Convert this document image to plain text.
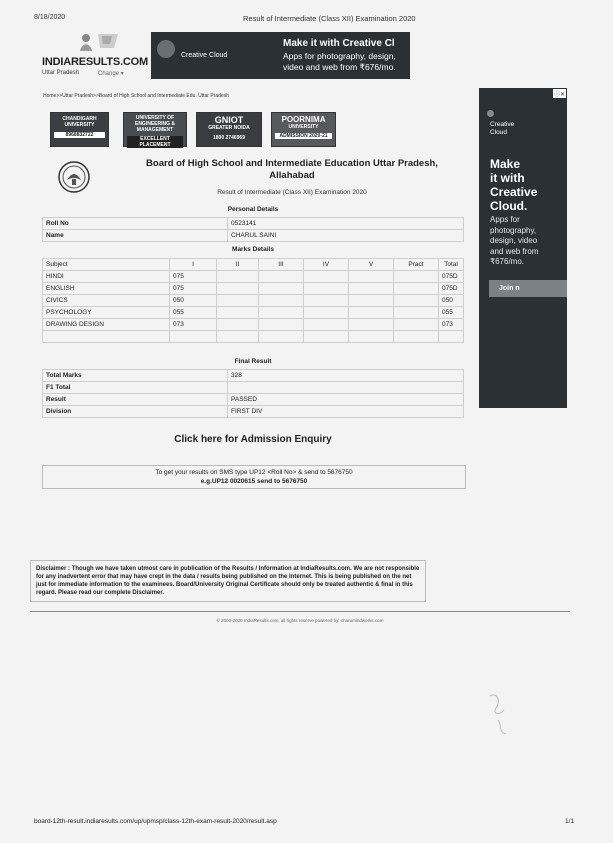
8/18/2020	Result of Intermediate (Class XII) Examination 2020
INDIARESULTS.COM
Uttar Pradesh	Change ▾
Creative Cloud
Make it with Creative Cl
Apps for photography, design,
video and web from ₹676/mo.
Home>>Uttar Pradesh>>Board of High School and Intermediate Edu. Uttar Pradesh
CHANDIGARH
UNIVERSITY
8968832722
UNIVERSITY OF
ENGINEERING & MANAGEMENT
EXCELLENT PLACEMENT
GNIOT
GREATER NOIDA
1800 2746969
POORNIMA
UNIVERSITY
ADMISSION 2020-21
Board of High School and Intermediate Education Uttar Pradesh,
Allahabad
Result of Intermediate (Class XII) Examination 2020
Personal Details
Roll No	0523141
Name	CHARUL SAINI
Marks Details
Subject	I	II	III	IV	V	Pract	Total
HINDI	075						075D
ENGLISH	075						075D
CIVICS	050						050
PSYCHOLOGY	055						055
DRAWING DESIGN	073						073

Final Result
Total Marks	328
F1 Total	
Result	PASSED
Division	FIRST DIV
Click here for Admission Enquiry
To get your results on SMS type UP12 <Roll No> & send to 5676750
e.g.UP12 0020615 send to 5676750
Disclaimer : Though we have taken utmost care in publication of the Results / Information at IndiaResults.com. We are not responsible for any inadvertent error that may have crept in the data / results being published on the Internet. This is being published on the net just for immediate information to the examinees. Board/University Original Certificate should only be treated authentic & final in this regard. Please read our complete Disclaimer.
© 2000-2020 IndiaResults.com, all rights reserve powered by: charumindworks.com
ⓘ✕
Creative
Cloud
Make
it with
Creative
Cloud.
Apps for
photography,
design, video
and web from
₹676/mo.
Join n
board-12th-result.indiaresults.com/up/upmsp/class-12th-exam-result-2020/result.asp	1/1
